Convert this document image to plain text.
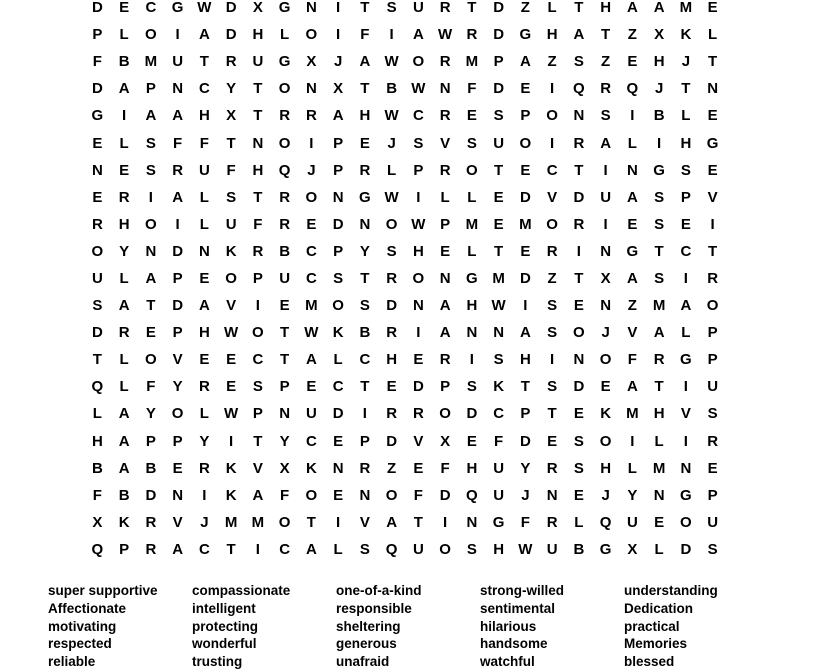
D	E	C	G W D	X	G	N	I	T	S	U	R	T	D	Z	L	T	H	A	A	M	E
P	L	O	I	A	D	H	L	O	I	F	I	A W R	D	G	H	A	T	Z	X	K	L
F	B	M	U	T	R	U	G	X	J	A W O	R	M	P	A	Z	S	Z	E	H	J	T
D	A	P	N	C	Y	T	O	N	X	T	B W N	F	D	E	I	Q	R	Q	J	T	N
G	I	A	A	H	X	T	R	R	A	H W C	R	E	S	P	O	N	S	I	B	L	E
E	L	S	F	F	T	N	O	I	P	E	J	S	V	S	U	O	I	R	A	L	I	H	G
N	E	S	R	U	F	H	Q	J	P	R	L	P	R	O	T	E	C	T	I	N	G	S	E
E	R	I	A	L	S	T	R	O	N	G W	I	L	L	E	D	V	D	U	A	S	P	V
R	H	O	I	L	U	F	R	E	D	N	O W P	M	E	M O	R	I	E	S	E	I
O	Y	N	D	N	K	R	B	C	P	Y	S	H	E	L	T	E	R	I	N	G	T	C	T
U	L	A	P	E	O	P	U	C	S	T	R	O	N	G M	D	Z	T	X	A	S	I	R
S	A	T	D	A	V	I	E	M O	S	D	N	A	H W	I	S	E	N	Z	M	A	O
D	R	E	P	H W O	T	W K	B	R	I	A	N	N	A	S	O	J	V	A	L	P
T	L	O	V	E	E	C	T	A	L	C	H	E	R	I	S	H	I	N	O	F	R	G	P
Q	L	F	Y	R	E	S	P	E	C	T	E	D	P	S	K	T	S	D	E	A	T	I	U
L	A	Y	O	L	W P	N	U	D	I	R	R	O	D	C	P	T	E	K	M	H	V	S
H	A	P	P	Y	I	T	Y	C	E	P	D	V	X	E	F	D	E	S	O	I	L	I	R
B	A	B	E	R	K	V	X	K	N	R	Z	E	F	H	U	Y	R	S	H	L	M	N	E
F	B	D	N	I	K	A	F	O	E	N	O	F	D	Q	U	J	N	E	J	Y	N	G	P
X	K	R	V	J	M M O	T	I	V	A	T	I	N	G	F	R	L	Q	U	E	O	U
Q	P	R	A	C	T	I	C	A	L	S	Q	U	O	S	H W U	B	G	X	L	D	S
super supportive
Affectionate
motivating
respected
reliable
compassionate
intelligent
protecting
wonderful
trusting
one-of-a-kind
responsible
sheltering
generous
unafraid
strong-willed
sentimental
hilarious
handsome
watchful
understanding
Dedication
practical
Memories
blessed
